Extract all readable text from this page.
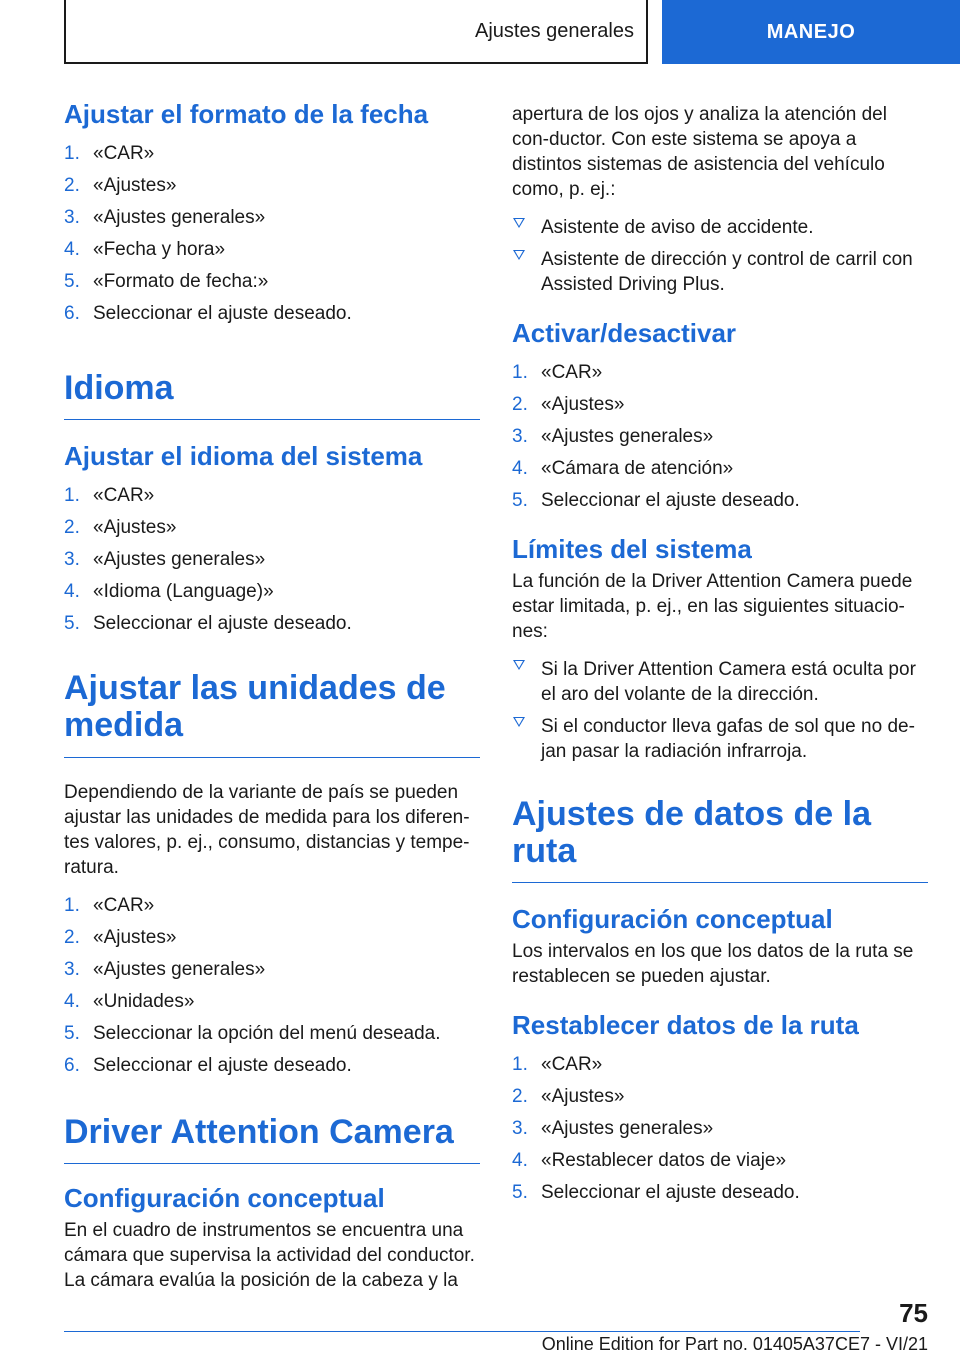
Ajustes generales	MANEJO
Ajustar el formato de la fecha
1. «CAR»
2. «Ajustes»
3. «Ajustes generales»
4. «Fecha y hora»
5. «Formato de fecha:»
6. Seleccionar el ajuste deseado.
Idioma
Ajustar el idioma del sistema
1. «CAR»
2. «Ajustes»
3. «Ajustes generales»
4. «Idioma (Language)»
5. Seleccionar el ajuste deseado.
Ajustar las unidades de medida

Dependiendo de la variante de país se pueden ajustar las unidades de medida para los diferen‐tes valores, p. ej., consumo, distancias y tempe‐ratura.

1. «CAR»
2. «Ajustes»
3. «Ajustes generales»
4. «Unidades»
5. Seleccionar la opción del menú deseada.
6. Seleccionar el ajuste deseado.
Driver Attention Camera
Configuración conceptual

En el cuadro de instrumentos se encuentra una cámara que supervisa la actividad del conductor. La cámara evalúa la posición de la cabeza y la

apertura de los ojos y analiza la atención del con‐ductor. Con este sistema se apoya a distintos sistemas de asistencia del vehículo como, p. ej.:

Asistente de aviso de accidente.
Asistente de dirección y control de carril con Assisted Driving Plus.
Activar/desactivar
1. «CAR»
2. «Ajustes»
3. «Ajustes generales»
4. «Cámara de atención»
5. Seleccionar el ajuste deseado.
Límites del sistema

La función de la Driver Attention Camera puede estar limitada, p. ej., en las siguientes situacio‐nes:

Si la Driver Attention Camera está oculta por el aro del volante de la dirección.
Si el conductor lleva gafas de sol que no de‐jan pasar la radiación infrarroja.
Ajustes de datos de la ruta
Configuración conceptual

Los intervalos en los que los datos de la ruta se restablecen se pueden ajustar.

Restablecer datos de la ruta
1. «CAR»
2. «Ajustes»
3. «Ajustes generales»
4. «Restablecer datos de viaje»
5. Seleccionar el ajuste deseado.
75
Online Edition for Part no. 01405A37CE7 - VI/21
